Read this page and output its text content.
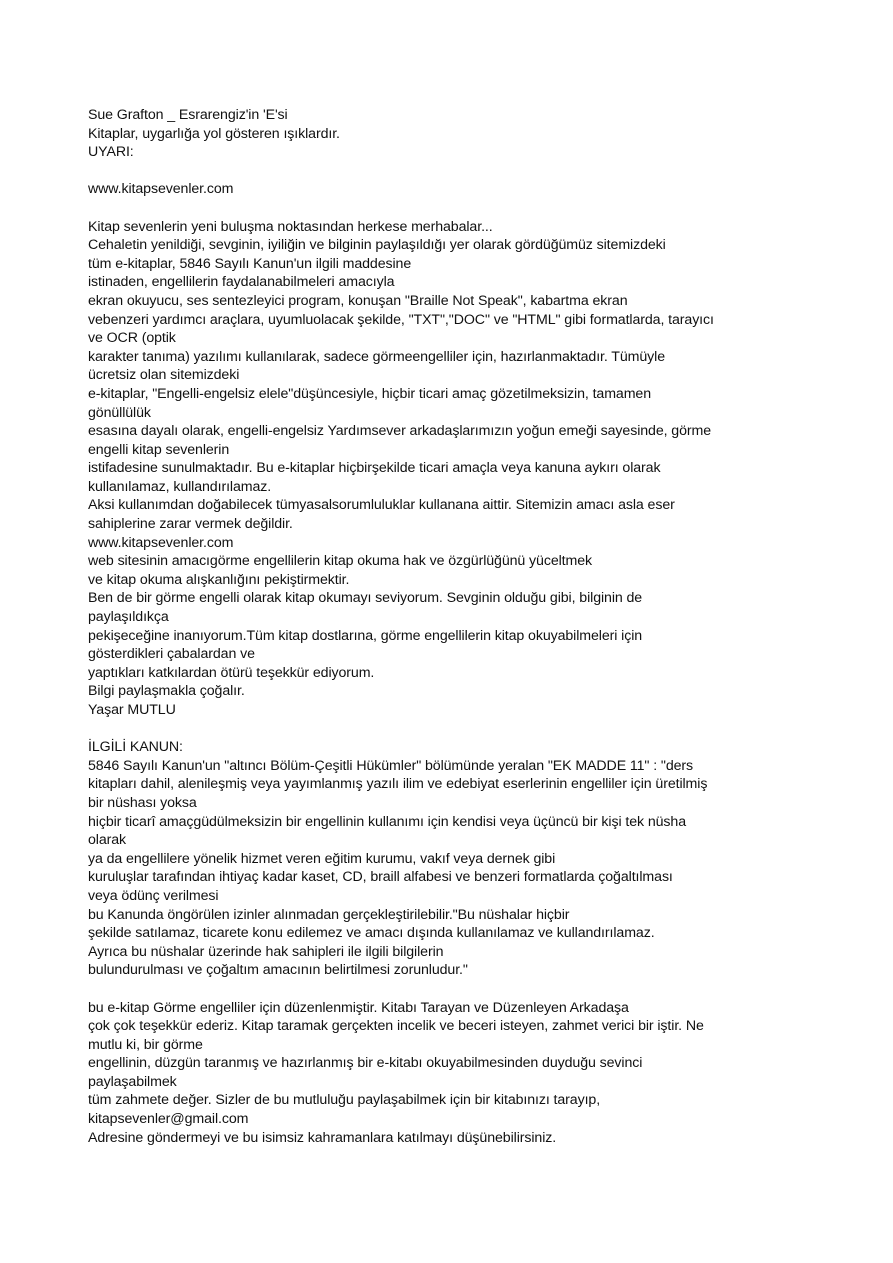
Sue Grafton _ Esrarengiz'in 'E'si
Kitaplar, uygarlığa yol gösteren ışıklardır.
UYARI:
www.kitapsevenler.com
Kitap sevenlerin yeni buluşma noktasından herkese merhabalar...
Cehaletin yenildiği, sevginin, iyiliğin ve bilginin paylaşıldığı yer olarak gördüğümüz sitemizdeki
tüm e-kitaplar, 5846 Sayılı Kanun'un ilgili maddesine
istinaden, engellilerin faydalanabilmeleri amacıyla
ekran okuyucu, ses sentezleyici program, konuşan "Braille Not Speak", kabartma ekran
vebenzeri yardımcı araçlara, uyumluolacak şekilde, "TXT","DOC" ve "HTML" gibi formatlarda, tarayıcı
ve OCR (optik
karakter tanıma) yazılımı kullanılarak, sadece görmeengelliler için, hazırlanmaktadır. Tümüyle
ücretsiz olan sitemizdeki
e-kitaplar, "Engelli-engelsiz elele"düşüncesiyle, hiçbir ticari amaç gözetilmeksizin, tamamen
gönüllülük
esasına dayalı olarak, engelli-engelsiz Yardımsever arkadaşlarımızın yoğun emeği sayesinde, görme
engelli kitap sevenlerin
istifadesine sunulmaktadır. Bu e-kitaplar hiçbirşekilde ticari amaçla veya kanuna aykırı olarak
kullanılamaz, kullandırılamaz.
Aksi kullanımdan doğabilecek tümyasalsorumluluklar kullanana aittir. Sitemizin amacı asla eser
sahiplerine zarar vermek değildir.
www.kitapsevenler.com
web sitesinin amacıgörme engellilerin kitap okuma hak ve özgürlüğünü yüceltmek
ve kitap okuma alışkanlığını pekiştirmektir.
Ben de bir görme engelli olarak kitap okumayı seviyorum. Sevginin olduğu gibi, bilginin de
paylaşıldıkça
pekişeceğine inanıyorum.Tüm kitap dostlarına, görme engellilerin kitap okuyabilmeleri için
gösterdikleri çabalardan ve
yaptıkları katkılardan ötürü teşekkür ediyorum.
Bilgi paylaşmakla çoğalır.
Yaşar MUTLU
İLGİLİ KANUN:
5846 Sayılı Kanun'un "altıncı Bölüm-Çeşitli Hükümler" bölümünde yeralan "EK MADDE 11" : "ders
kitapları dahil, alenileşmiş veya yayımlanmış yazılı ilim ve edebiyat eserlerinin engelliler için üretilmiş
bir nüshası yoksa
hiçbir ticarî amaçgüdülmeksizin bir engellinin kullanımı için kendisi veya üçüncü bir kişi tek nüsha
olarak
ya da engellilere yönelik hizmet veren eğitim kurumu, vakıf veya dernek gibi
kuruluşlar tarafından ihtiyaç kadar kaset, CD, braill alfabesi ve benzeri formatlarda çoğaltılması
veya ödünç verilmesi
bu Kanunda öngörülen izinler alınmadan gerçekleştirilebilir."Bu nüshalar hiçbir
şekilde satılamaz, ticarete konu edilemez ve amacı dışında kullanılamaz ve kullandırılamaz.
Ayrıca bu nüshalar üzerinde hak sahipleri ile ilgili bilgilerin
bulundurulması ve çoğaltım amacının belirtilmesi zorunludur."
bu e-kitap Görme engelliler için düzenlenmiştir. Kitabı Tarayan ve Düzenleyen Arkadaşa
çok çok teşekkür ederiz. Kitap taramak gerçekten incelik ve beceri isteyen, zahmet verici bir iştir. Ne
mutlu ki, bir görme
engellinin, düzgün taranmış ve hazırlanmış bir e-kitabı okuyabilmesinden duyduğu sevinci
paylaşabilmek
tüm zahmete değer. Sizler de bu mutluluğu paylaşabilmek için bir kitabınızı tarayıp,
kitapsevenler@gmail.com
Adresine göndermeyi ve bu isimsiz kahramanlara katılmayı düşünebilirsiniz.
